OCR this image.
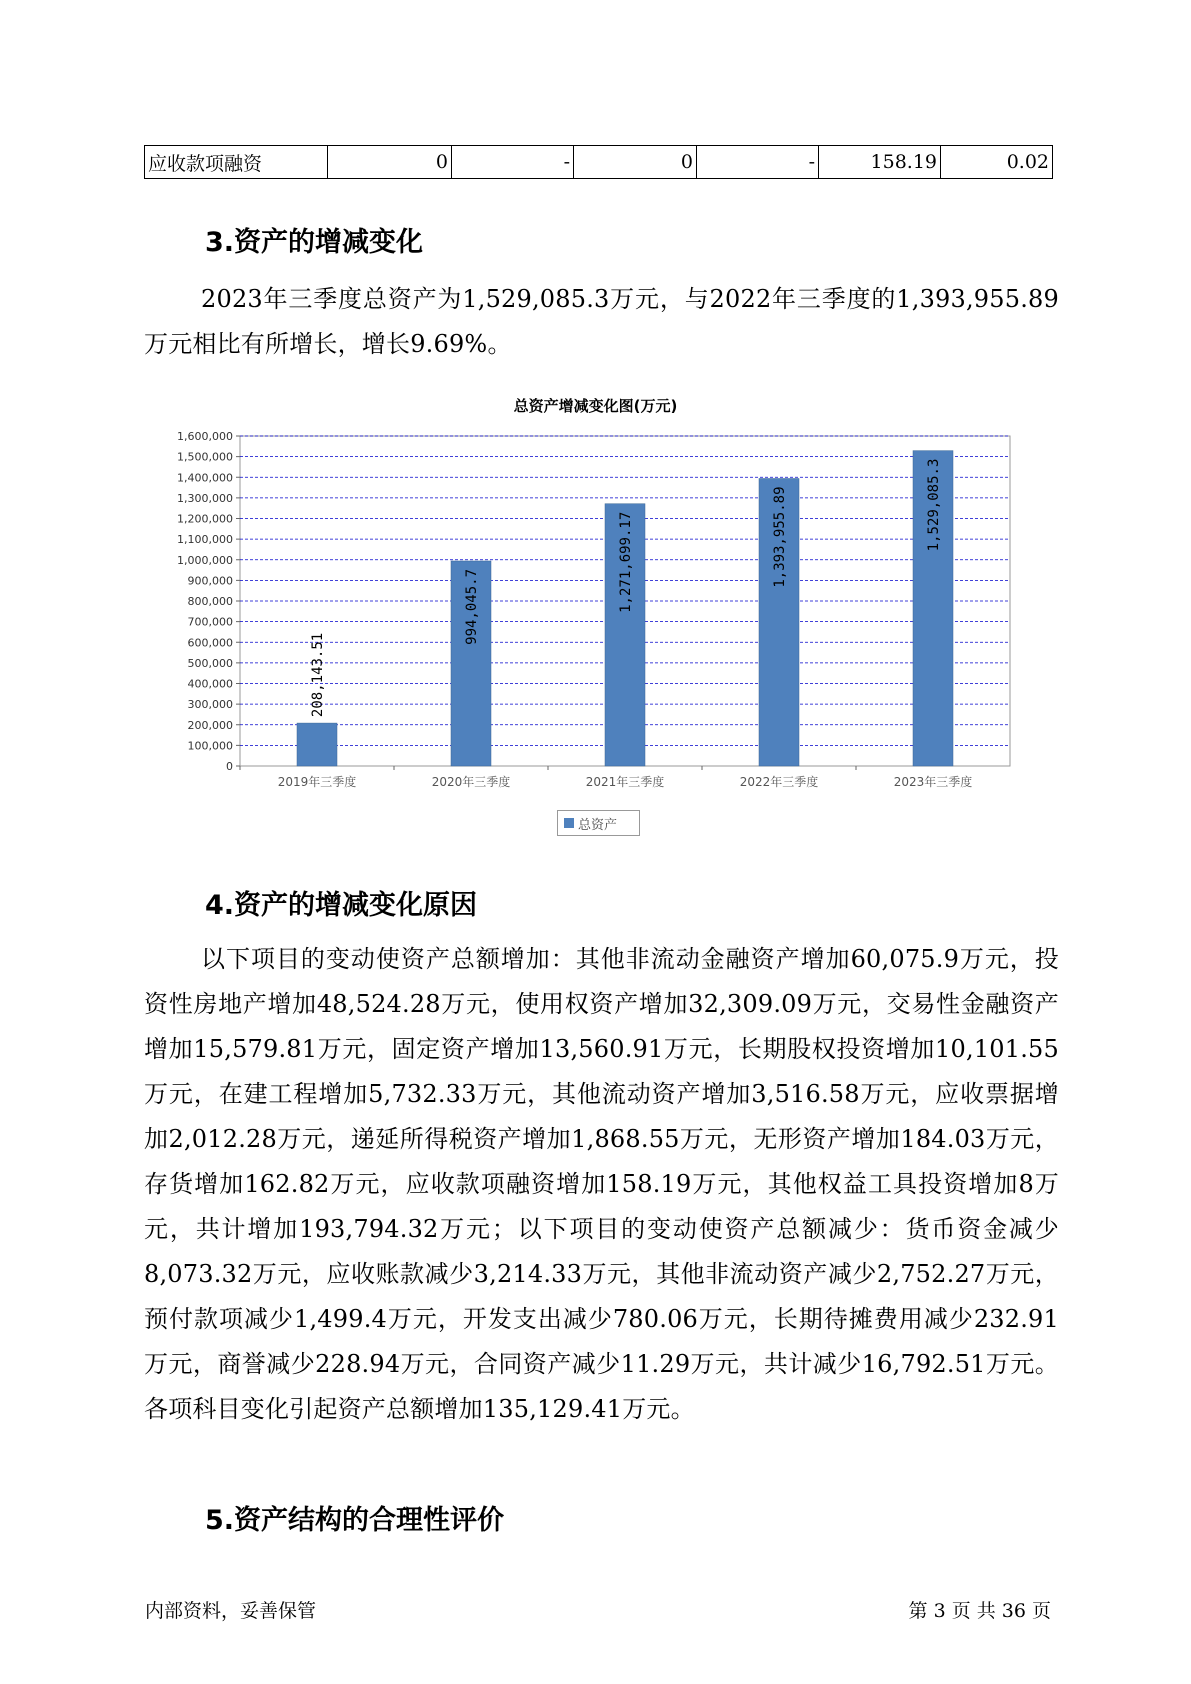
应收款项融资	0	-	0	-	158.19	0.02
3.资产的增减变化

2023年三季度总资产为1,529,085.3万元，与2022年三季度的1,393,955.89万元相比有所增长，增长9.69%。

总资产增减变化图(万元)
0
100,000
200,000
300,000
400,000
500,000
600,000
700,000
800,000
900,000
1,000,000
1,100,000
1,200,000
1,300,000
1,400,000
1,500,000
1,600,000
208,143.51
2019年三季度
994,045.7
2020年三季度
1,271,699.17
2021年三季度
1,393,955.89
2022年三季度
1,529,085.3
2023年三季度
总资产
4.资产的增减变化原因

以下项目的变动使资产总额增加：其他非流动金融资产增加60,075.9万元，投资性房地产增加48,524.28万元，使用权资产增加32,309.09万元，交易性金融资产增加15,579.81万元，固定资产增加13,560.91万元，长期股权投资增加10,101.55万元，在建工程增加5,732.33万元，其他流动资产增加3,516.58万元，应收票据增加2,012.28万元，递延所得税资产增加1,868.55万元，无形资产增加184.03万元，存货增加162.82万元，应收款项融资增加158.19万元，其他权益工具投资增加8万元，共计增加193,794.32万元；以下项目的变动使资产总额减少：货币资金减少8,073.32万元，应收账款减少3,214.33万元，其他非流动资产减少2,752.27万元，预付款项减少1,499.4万元，开发支出减少780.06万元，长期待摊费用减少232.91万元，商誉减少228.94万元，合同资产减少11.29万元，共计减少16,792.51万元。各项科目变化引起资产总额增加135,129.41万元。

5.资产结构的合理性评价
内部资料，妥善保管	第 3 页 共 36 页
